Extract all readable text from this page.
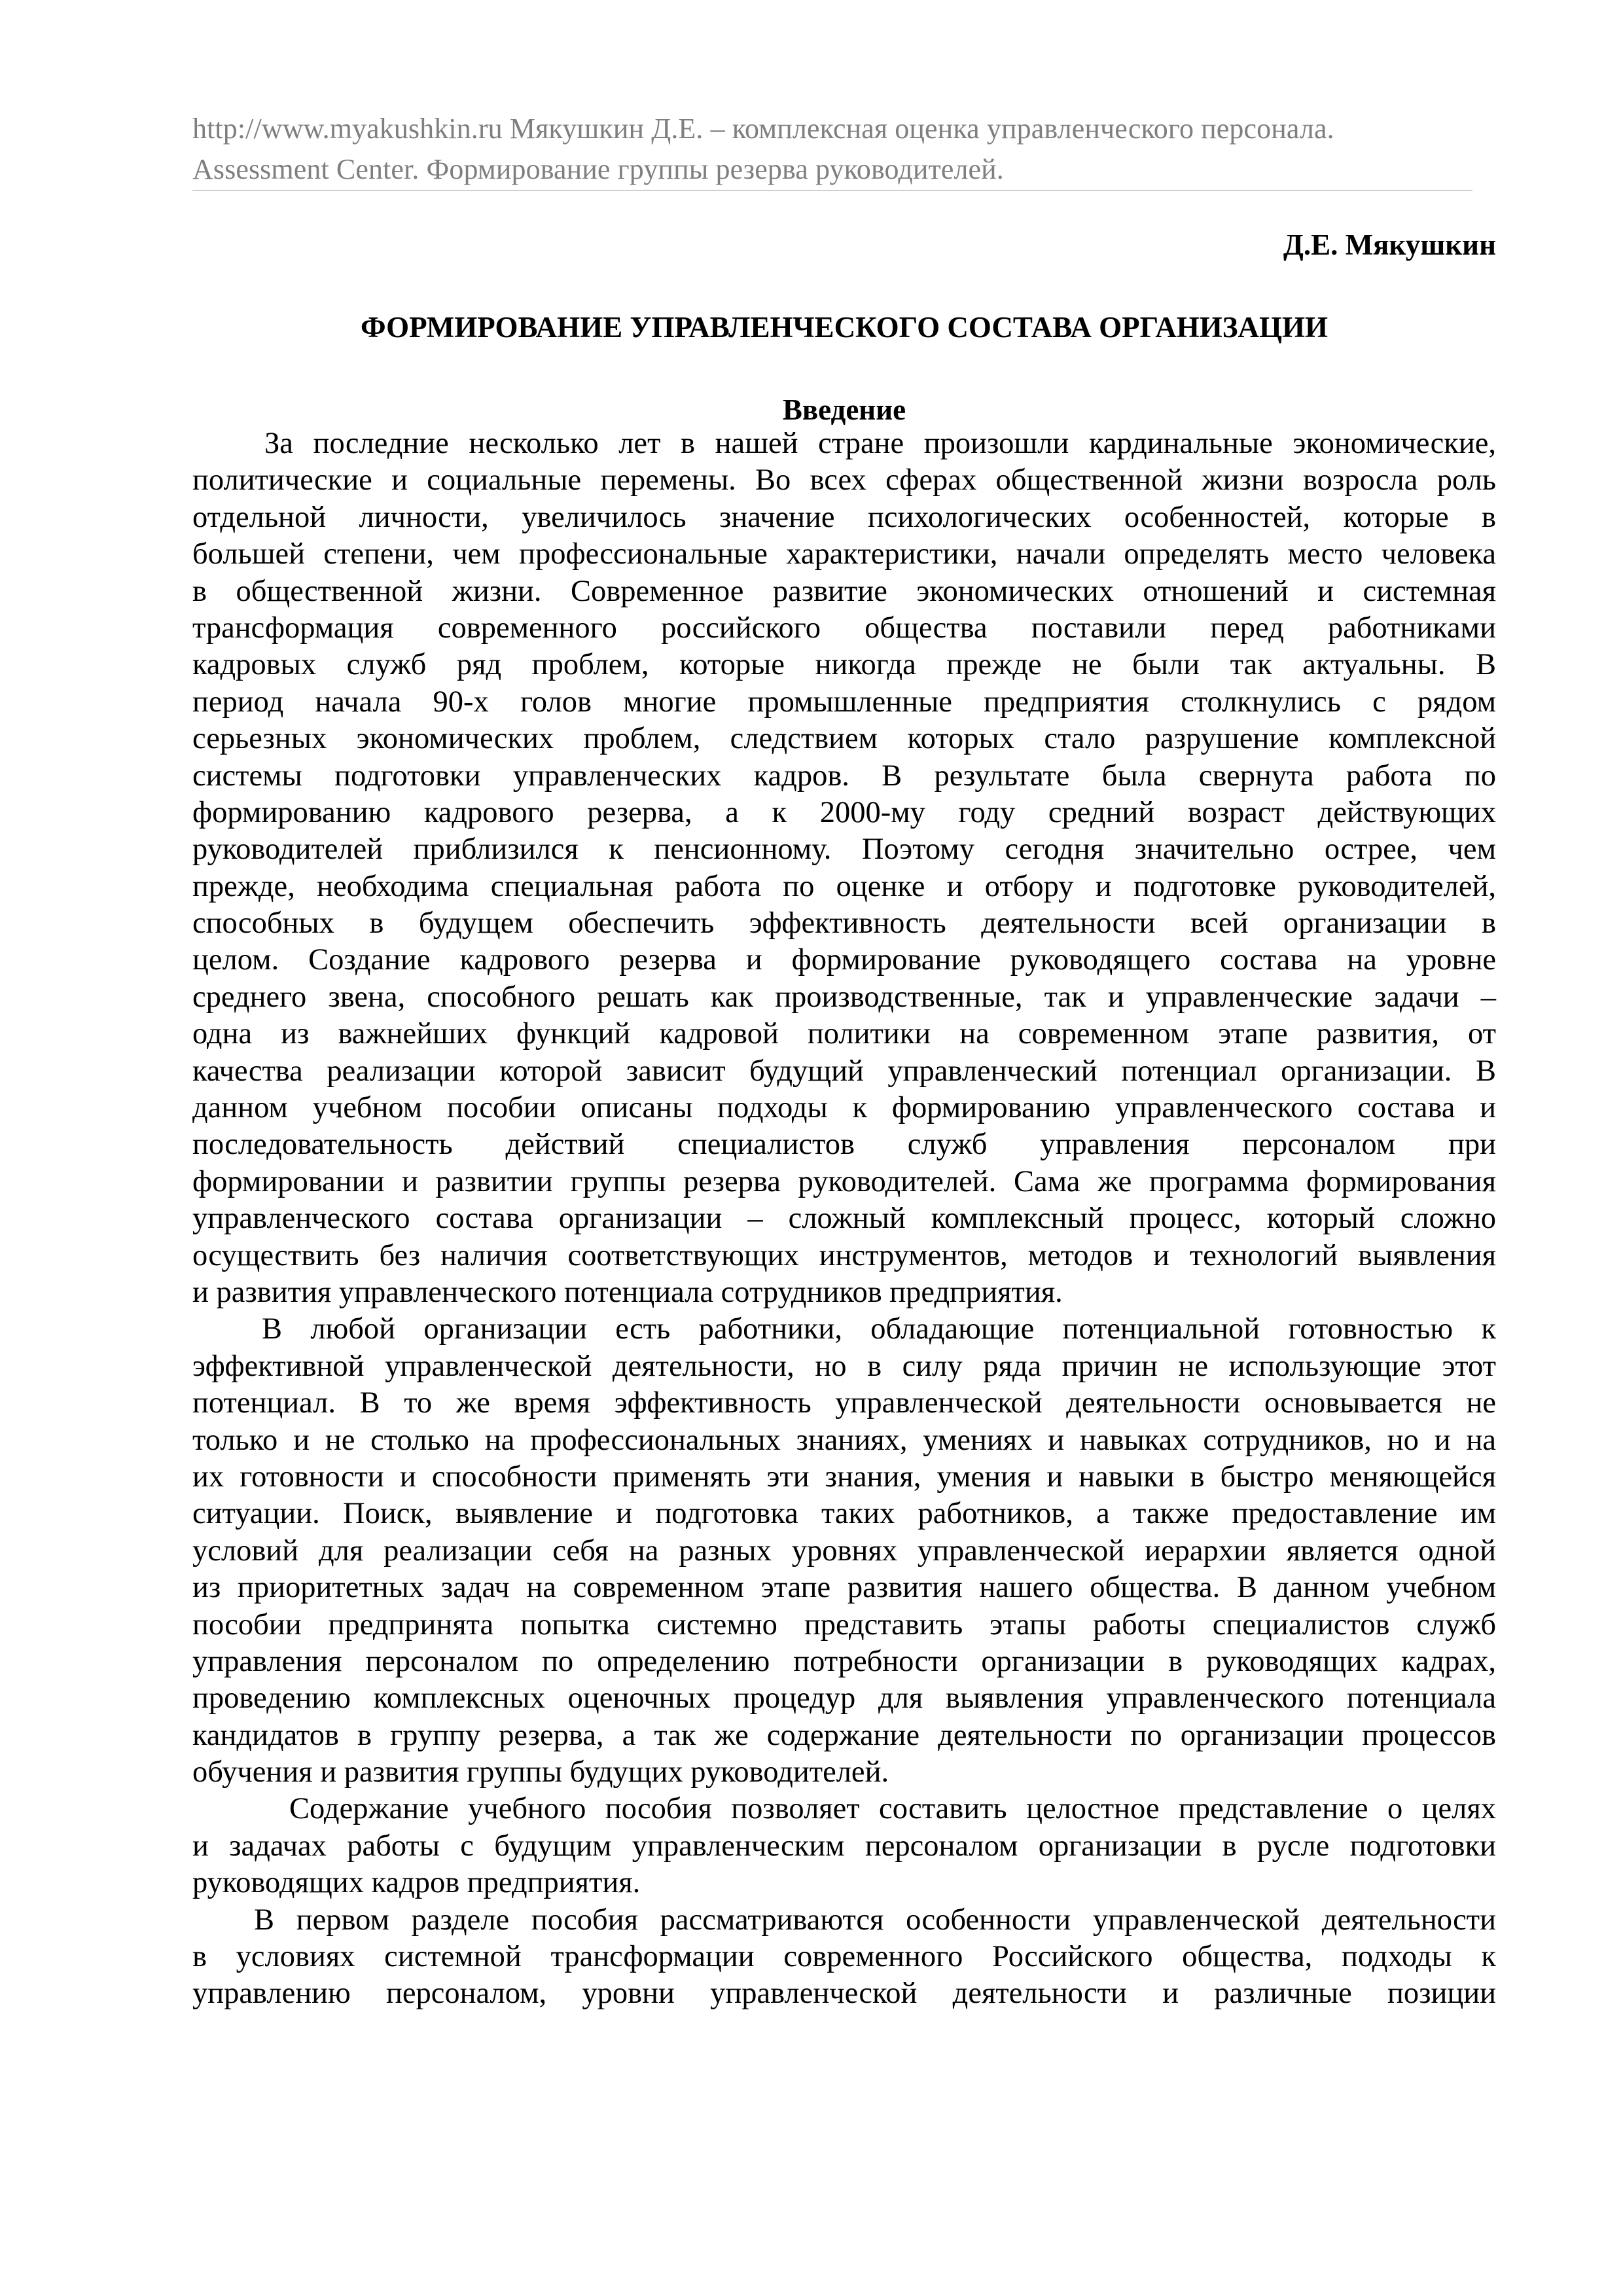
http://www.myakushkin.ru Мякушкин Д.Е. – комплексная оценка управленческого персонала.
Assessment Center. Формирование группы резерва руководителей.
Д.Е. Мякушкин
ФОРМИРОВАНИЕ УПРАВЛЕНЧЕСКОГО СОСТАВА ОРГАНИЗАЦИИ
Введение
За последние несколько лет в нашей стране произошли кардинальные экономические,
политические и социальные перемены. Во всех сферах общественной жизни возросла роль
отдельной личности, увеличилось значение психологических особенностей, которые в
большей степени, чем профессиональные характеристики, начали определять место человека
в общественной жизни. Современное развитие экономических отношений и системная
трансформация современного российского общества поставили перед работниками
кадровых служб ряд проблем, которые никогда прежде не были так актуальны. В
период начала 90-х голов многие промышленные предприятия столкнулись с рядом
серьезных экономических проблем, следствием которых стало разрушение комплексной
системы подготовки управленческих кадров. В результате была свернута работа по
формированию кадрового резерва, а к 2000-му году средний возраст действующих
руководителей приблизился к пенсионному. Поэтому сегодня значительно острее, чем
прежде, необходима специальная работа по оценке и отбору и подготовке руководителей,
способных в будущем обеспечить эффективность деятельности всей организации в
целом. Создание кадрового резерва и формирование руководящего состава на уровне
среднего звена, способного решать как производственные, так и управленческие задачи –
одна из важнейших функций кадровой политики на современном этапе развития, от
качества реализации которой зависит будущий управленческий потенциал организации. В
данном учебном пособии описаны подходы к формированию управленческого состава и
последовательность действий специалистов служб управления персоналом при
формировании и развитии группы резерва руководителей. Сама же программа формирования
управленческого состава организации – сложный комплексный процесс, который сложно
осуществить без наличия соответствующих инструментов, методов и технологий выявления
и развития управленческого потенциала сотрудников предприятия.
В любой организации есть работники, обладающие потенциальной готовностью к
эффективной управленческой деятельности, но в силу ряда причин не использующие этот
потенциал. В то же время эффективность управленческой деятельности основывается не
только и не столько на профессиональных знаниях, умениях и навыках сотрудников, но и на
их готовности и способности применять эти знания, умения и навыки в быстро меняющейся
ситуации. Поиск, выявление и подготовка таких работников, а также предоставление им
условий для реализации себя на разных уровнях управленческой иерархии является одной
из приоритетных задач на современном этапе развития нашего общества. В данном учебном
пособии предпринята попытка системно представить этапы работы специалистов служб
управления персоналом по определению потребности организации в руководящих кадрах,
проведению комплексных оценочных процедур для выявления управленческого потенциала
кандидатов в группу резерва, а так же содержание деятельности по организации процессов
обучения и развития группы будущих руководителей.
Содержание учебного пособия позволяет составить целостное представление о целях
и задачах работы с будущим управленческим персоналом организации в русле подготовки
руководящих кадров предприятия.
В первом разделе пособия рассматриваются особенности управленческой деятельности
в условиях системной трансформации современного Российского общества, подходы к
управлению персоналом, уровни управленческой деятельности и различные позиции
